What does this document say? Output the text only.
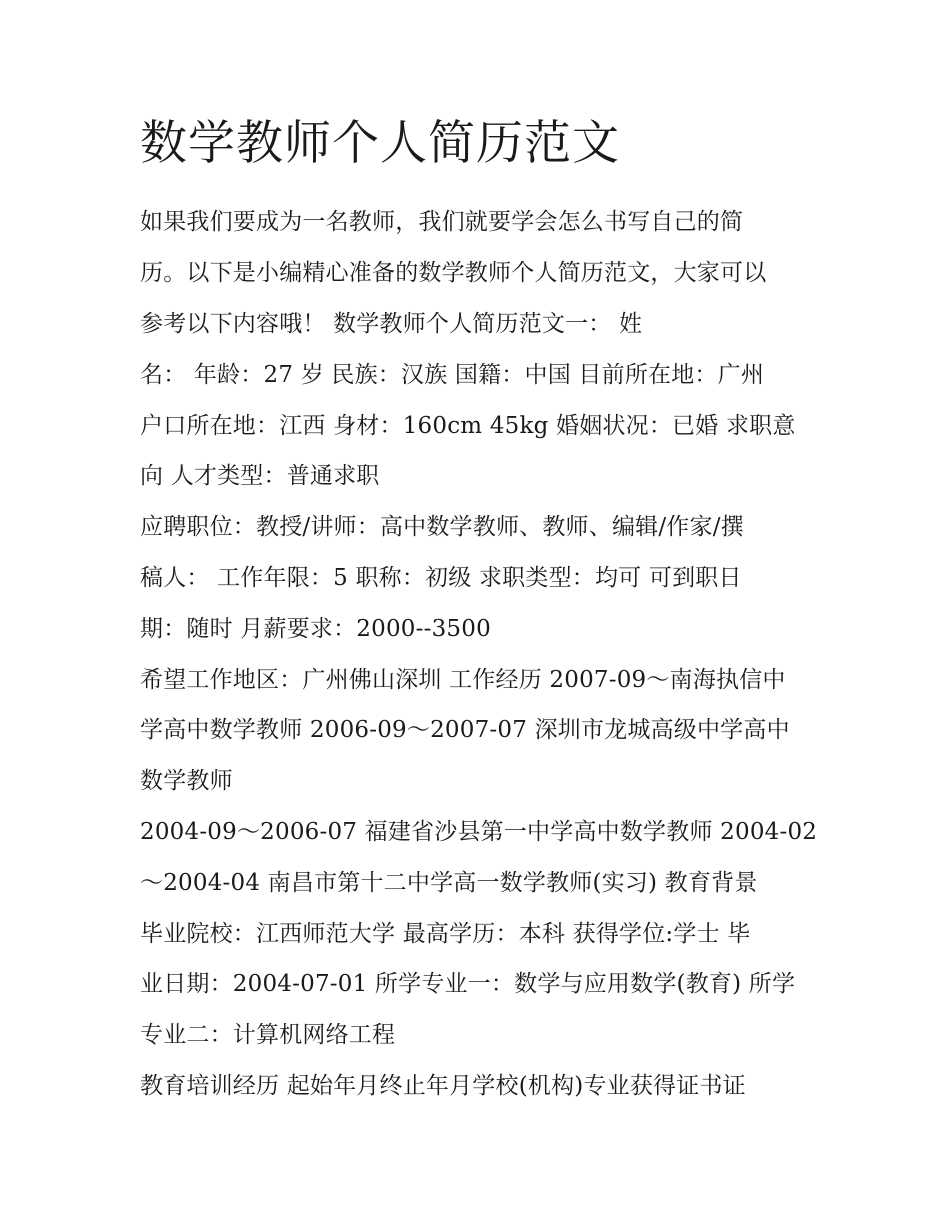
数学教师个人简历范文

如果我们要成为一名教师，我们就要学会怎么书写自己的简

历。以下是小编精心准备的数学教师个人简历范文，大家可以

参考以下内容哦！ 数学教师个人简历范文一： 姓

名： 年龄：27 岁 民族：汉族 国籍：中国 目前所在地：广州

户口所在地：江西 身材：160cm 45kg 婚姻状况：已婚 求职意

向 人才类型：普通求职

应聘职位：教授/讲师：高中数学教师、教师、编辑/作家/撰

稿人： 工作年限：5 职称：初级 求职类型：均可 可到职日

期：随时 月薪要求：2000--3500

希望工作地区：广州佛山深圳 工作经历 2007-09～南海执信中

学高中数学教师 2006-09～2007-07 深圳市龙城高级中学高中

数学教师

2004-09～2006-07 福建省沙县第一中学高中数学教师 2004-02

～2004-04 南昌市第十二中学高一数学教师(实习) 教育背景

毕业院校：江西师范大学 最高学历：本科 获得学位:学士 毕

业日期：2004-07-01 所学专业一：数学与应用数学(教育) 所学

专业二：计算机网络工程

教育培训经历 起始年月终止年月学校(机构)专业获得证书证
